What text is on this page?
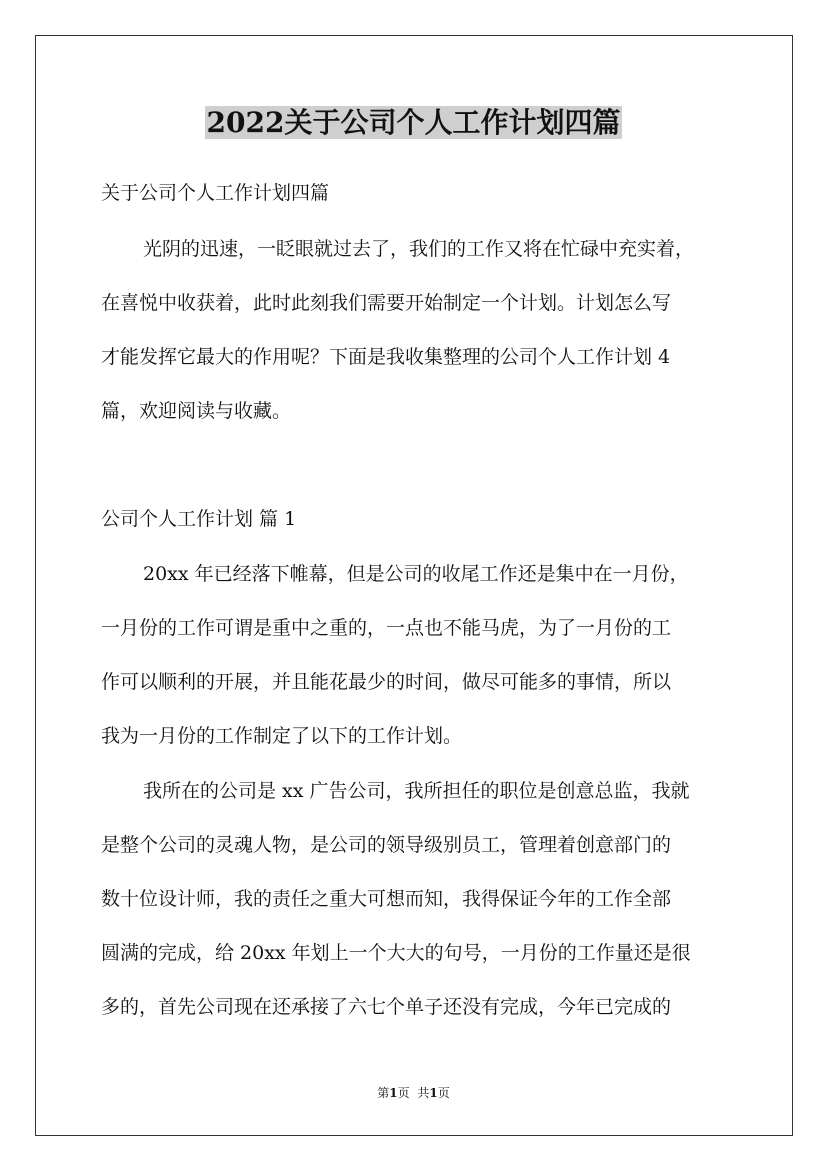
2022关于公司个人工作计划四篇

关于公司个人工作计划四篇

光阴的迅速，一眨眼就过去了，我们的工作又将在忙碌中充实着，

在喜悦中收获着，此时此刻我们需要开始制定一个计划。计划怎么写

才能发挥它最大的作用呢？下面是我收集整理的公司个人工作计划 4

篇，欢迎阅读与收藏。

公司个人工作计划 篇 1

20xx 年已经落下帷幕，但是公司的收尾工作还是集中在一月份，

一月份的工作可谓是重中之重的，一点也不能马虎，为了一月份的工

作可以顺利的开展，并且能花最少的时间，做尽可能多的事情，所以

我为一月份的工作制定了以下的工作计划。

我所在的公司是 xx 广告公司，我所担任的职位是创意总监，我就

是整个公司的灵魂人物，是公司的领导级别员工，管理着创意部门的

数十位设计师，我的责任之重大可想而知，我得保证今年的工作全部

圆满的完成，给 20xx 年划上一个大大的句号，一月份的工作量还是很

多的，首先公司现在还承接了六七个单子还没有完成，今年已完成的

第1页 共1页
